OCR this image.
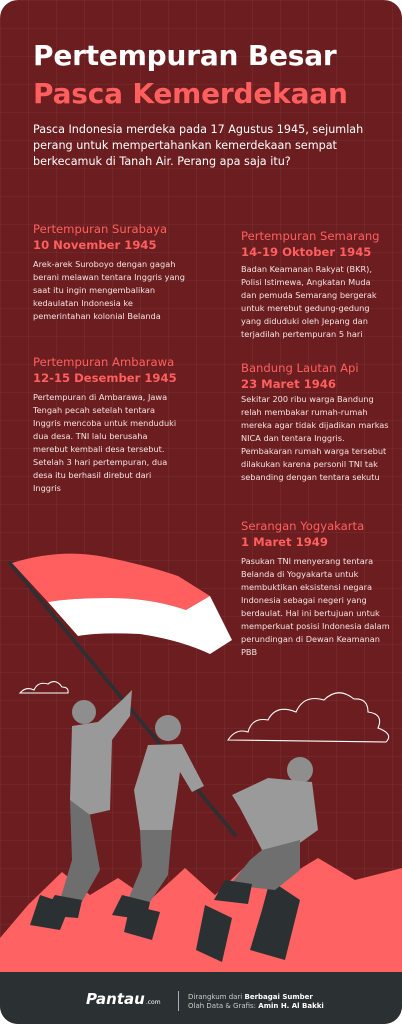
Pertempuran Besar
Pasca Kemerdekaan

Pasca Indonesia merdeka pada 17 Agustus 1945, sejumlah perang untuk mempertahankan kemerdekaan sempat berkecamuk di Tanah Air. Perang apa saja itu?

Pertempuran Surabaya
10 November 1945

Arek-arek Suroboyo dengan gagah berani melawan tentara Inggris yang saat itu ingin mengembalikan kedaulatan Indonesia ke pemerintahan kolonial Belanda

Pertempuran Semarang
14-19 Oktober 1945

Badan Keamanan Rakyat (BKR), Polisi Istimewa, Angkatan Muda dan pemuda Semarang bergerak untuk merebut gedung-gedung yang diduduki oleh Jepang dan terjadilah pertempuran 5 hari

Pertempuran Ambarawa
12-15 Desember 1945

Pertempuran di Ambarawa, Jawa Tengah pecah setelah tentara Inggris mencoba untuk menduduki dua desa. TNI lalu berusaha merebut kembali desa tersebut. Setelah 3 hari pertempuran, dua desa itu berhasil direbut dari Inggris

Bandung Lautan Api
23 Maret 1946

Sekitar 200 ribu warga Bandung relah membakar rumah-rumah mereka agar tidak dijadikan markas NICA dan tentara Inggris. Pembakaran rumah warga tersebut dilakukan karena personil TNI tak sebanding dengan tentara sekutu

Serangan Yogyakarta
1 Maret 1949

Pasukan TNI menyerang tentara Belanda di Yogyakarta untuk membuktikan eksistensi negara Indonesia sebagai negeri yang berdaulat. Hal ini bertujuan untuk memperkuat posisi Indonesia dalam perundingan di Dewan Keamanan PBB

Pantau.com

Dirangkum dari Berbagai Sumber
Olah Data & Grafis: Amin H. Al Bakki
